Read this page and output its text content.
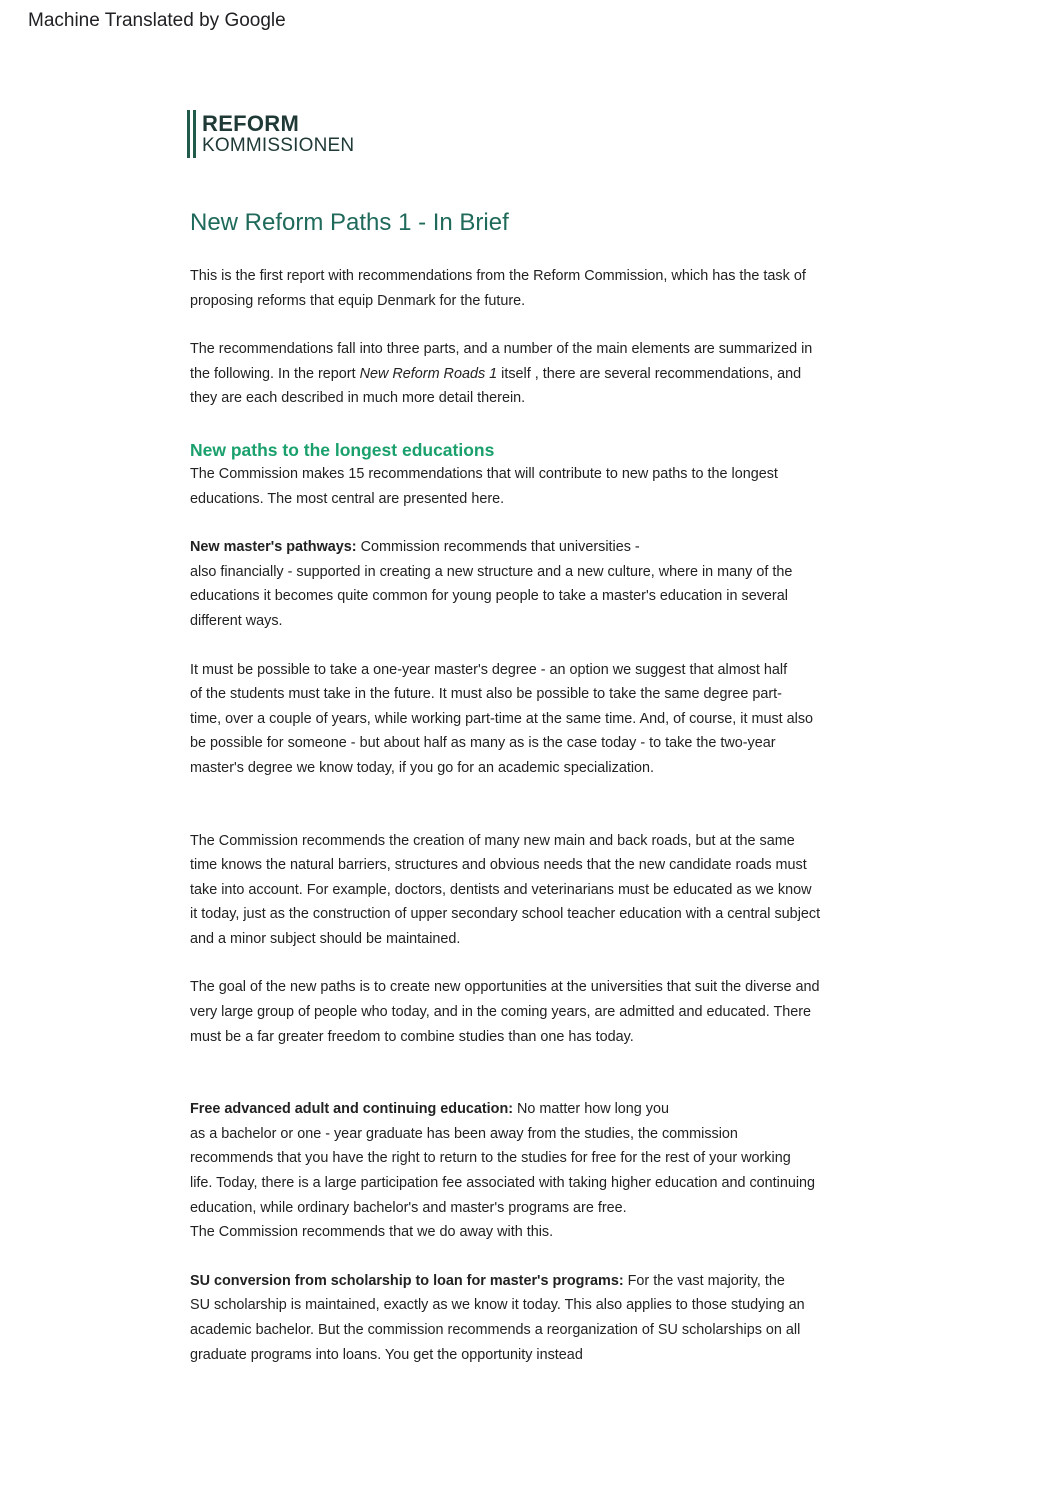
Machine Translated by Google
REFORM
KOMMISSIONEN
New Reform Paths 1 - In Brief

This is the first report with recommendations from the Reform Commission, which has the task of

proposing reforms that equip Denmark for the future.

The recommendations fall into three parts, and a number of the main elements are summarized in

the following. In the report New Reform Roads 1 itself , there are several recommendations, and

they are each described in much more detail therein.

New paths to the longest educations

The Commission makes 15 recommendations that will contribute to new paths to the longest

educations. The most central are presented here.

New master's pathways: Commission recommends that universities -

also financially - supported in creating a new structure and a new culture, where in many of the

educations it becomes quite common for young people to take a master's education in several

different ways.

It must be possible to take a one-year master's degree - an option we suggest that almost half

of the students must take in the future. It must also be possible to take the same degree part-

time, over a couple of years, while working part-time at the same time. And, of course, it must also

be possible for someone - but about half as many as is the case today - to take the two-year

master's degree we know today, if you go for an academic specialization.

The Commission recommends the creation of many new main and back roads, but at the same

time knows the natural barriers, structures and obvious needs that the new candidate roads must

take into account. For example, doctors, dentists and veterinarians must be educated as we know

it today, just as the construction of upper secondary school teacher education with a central subject

and a minor subject should be maintained.

The goal of the new paths is to create new opportunities at the universities that suit the diverse and

very large group of people who today, and in the coming years, are admitted and educated. There

must be a far greater freedom to combine studies than one has today.

Free advanced adult and continuing education: No matter how long you

as a bachelor or one - year graduate has been away from the studies, the commission

recommends that you have the right to return to the studies for free for the rest of your working

life. Today, there is a large participation fee associated with taking higher education and continuing

education, while ordinary bachelor's and master's programs are free.

The Commission recommends that we do away with this.

SU conversion from scholarship to loan for master's programs: For the vast majority, the

SU scholarship is maintained, exactly as we know it today. This also applies to those studying an

academic bachelor. But the commission recommends a reorganization of SU scholarships on all

graduate programs into loans. You get the opportunity instead
